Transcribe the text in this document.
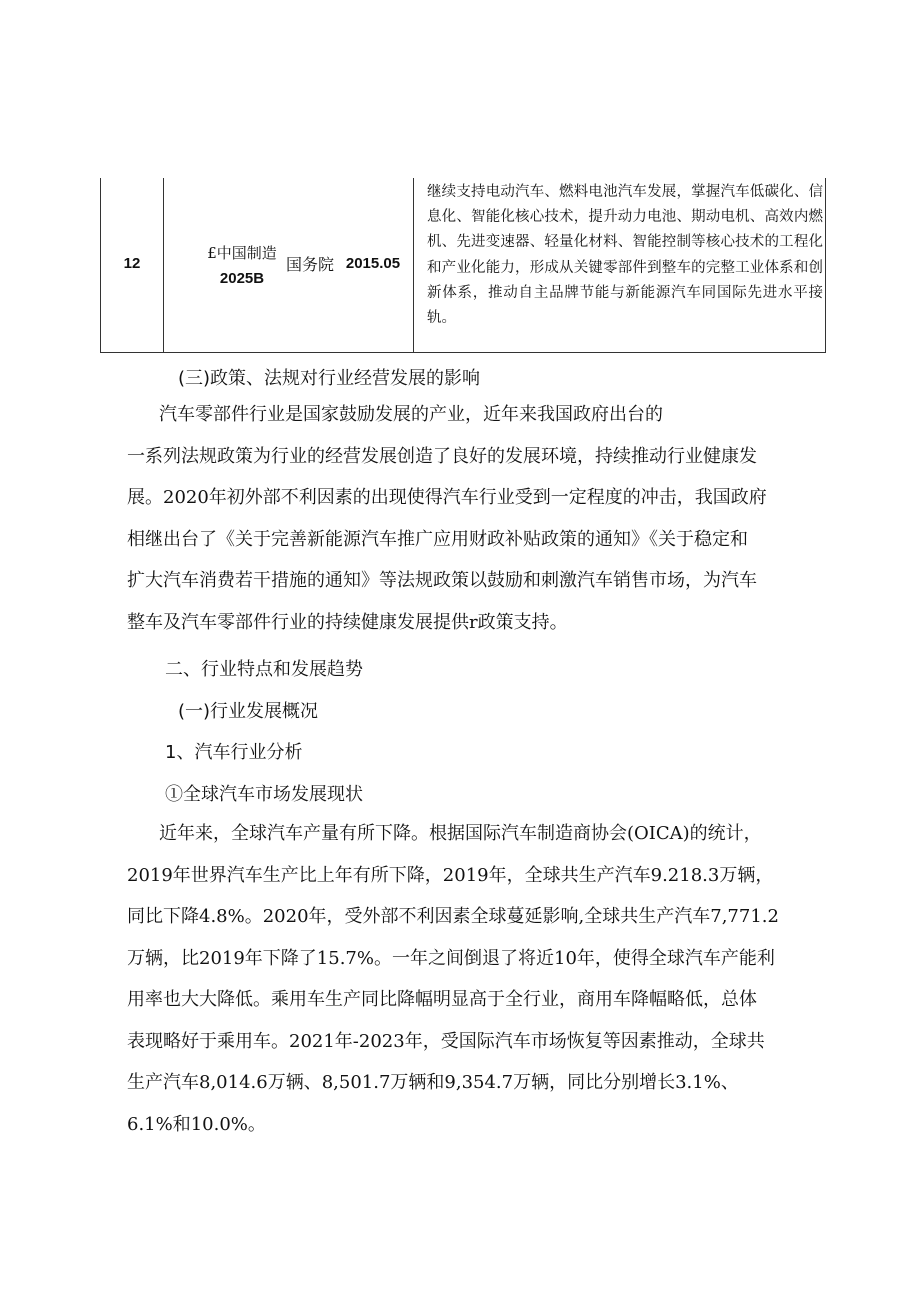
12
£中国制造
2025B
国务院 2015.05
继续支持电动汽车、燃料电池汽车发展，掌握汽车低碳化、信息化、智能化核心技术，提升动力电池、期动电机、高效内燃机、先进变速器、轻量化材料、智能控制等核心技术的工程化和产业化能力，形成从关键零部件到整车的完整工业体系和创新体系，推动自主品牌节能与新能源汽车同国际先进水平接轨。
(三)政策、法规对行业经营发展的影响
汽车零部件行业是国家鼓励发展的产业，近年来我国政府出台的
一系列法规政策为行业的经营发展创造了良好的发展环境，持续推动行业健康发
展。2020年初外部不利因素的出现使得汽车行业受到一定程度的冲击，我国政府
相继出台了《关于完善新能源汽车推广应用财政补贴政策的通知》《关于稳定和
扩大汽车消费若干措施的通知》等法规政策以鼓励和刺激汽车销售市场，为汽车
整车及汽车零部件行业的持续健康发展提供r政策支持。
二、行业特点和发展趋势
(一)行业发展概况
1、汽车行业分析
①全球汽车市场发展现状
近年来，全球汽车产量有所下降。根据国际汽车制造商协会(OICA)的统计，
2019年世界汽车生产比上年有所下降，2019年，全球共生产汽车9.218.3万辆，
同比下降4.8%。2020年，受外部不利因素全球蔓延影响,全球共生产汽车7,771.2
万辆，比2019年下降了15.7%。一年之间倒退了将近10年，使得全球汽车产能利
用率也大大降低。乘用车生产同比降幅明显高于全行业，商用车降幅略低，总体
表现略好于乘用车。2021年-2023年，受国际汽车市场恢复等因素推动，全球共
生产汽车8,014.6万辆、8,501.7万辆和9,354.7万辆，同比分别增长3.1%、
6.1%和10.0%。
